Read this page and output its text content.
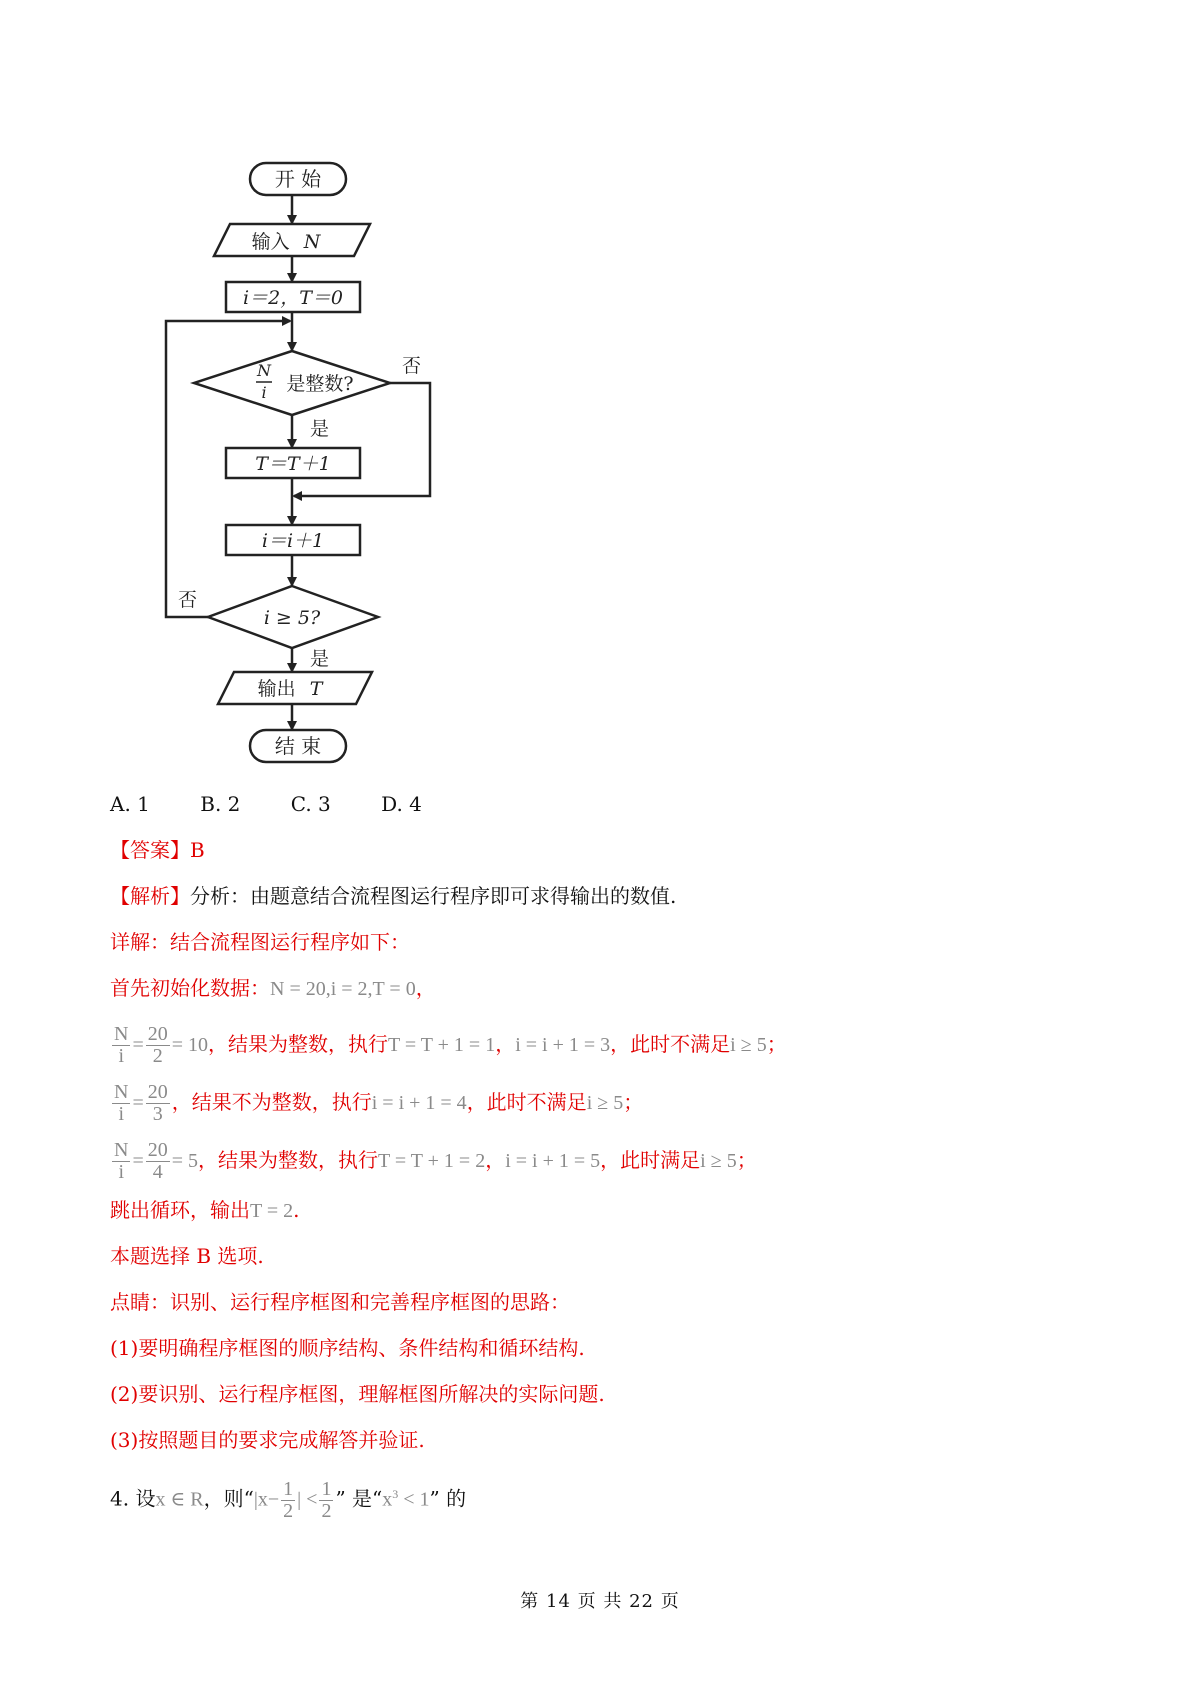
开 始
输入 N
i＝2，T＝0
N
i 是整数?
否
是
T＝T＋1
i＝i＋1
否
i ≥ 5?
是
输出 T
结 束
A. 1	B. 2	C. 3	D. 4
【答案】B
【解析】分析：由题意结合流程图运行程序即可求得输出的数值.
详解：结合流程图运行程序如下：
首先初始化数据：N = 20,i = 2,T = 0，
$\frac{N}{i} = \frac{20}{2} = 10$，结果为整数，执行T = T + 1 = 1，i = i + 1 = 3，此时不满足i ≥ 5；
$\frac{N}{i} = \frac{20}{3}$ ，结果不为整数，执行i = i + 1 = 4，此时不满足i ≥ 5；
$\frac{N}{i} = \frac{20}{4} = 5$，结果为整数，执行T = T + 1 = 2，i = i + 1 = 5，此时满足i ≥ 5；
跳出循环，输出T = 2.
本题选择 B 选项.
点睛：识别、运行程序框图和完善程序框图的思路：
(1)要明确程序框图的顺序结构、条件结构和循环结构.
(2)要识别、运行程序框图，理解框图所解决的实际问题.
(3)按照题目的要求完成解答并验证.
4. 设x ∈ R，则“$|x- \frac{1}{2}$ | < $\frac{1}{2}$ ” 是“$x^3 < 1$” 的
第 14 页 共 22 页
